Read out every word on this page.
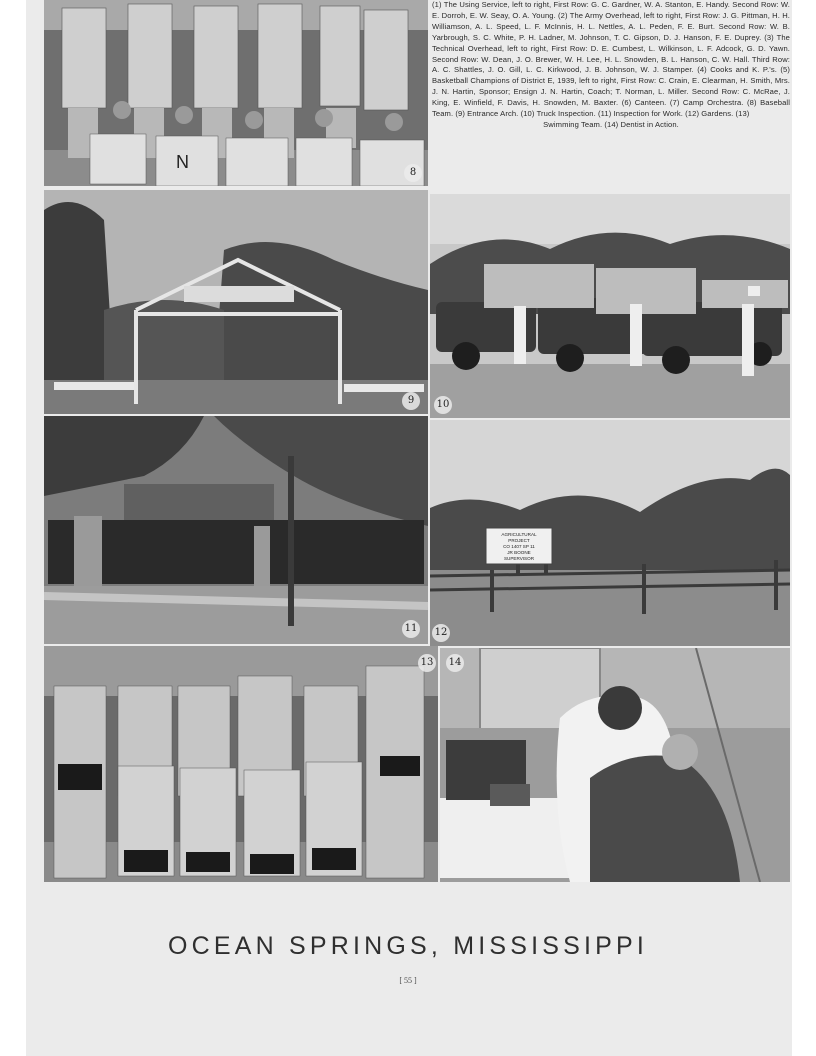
N
8

(1) The Using Service, left to right, First Row: G. C. Gardner, W. A. Stanton, E. Handy. Second Row: W. E. Dorroh, E. W. Seay, O. A. Young. (2) The Army Overhead, left to right, First Row: J. G. Pittman, H. H. Williamson, A. L. Speed, L. F. McInnis, H. L. Nettles, A. L. Peden, F. E. Burt. Second Row: W. B. Yarbrough, S. C. White, P. H. Ladner, M. Johnson, T. C. Gipson, D. J. Hanson, F. E. Duprey. (3) The Technical Overhead, left to right, First Row: D. E. Cumbest, L. Wilkinson, L. F. Adcock, G. D. Yawn. Second Row: W. Dean, J. O. Brewer, W. H. Lee, H. L. Snowden, B. L. Hanson, C. W. Hall. Third Row: A. C. Shattles, J. O. Gill, L. C. Kirkwood, J. B. Johnson, W. J. Stamper. (4) Cooks and K. P.'s. (5) Basketball Champions of District E, 1939, left to right, First Row: C. Crain, E. Clearman, H. Smith, Mrs. J. N. Hartin, Sponsor; Ensign J. N. Hartin, Coach; T. Norman, L. Miller. Second Row: C. McRae, J. King, E. Winfield, F. Davis, H. Snowden, M. Baxter. (6) Canteen. (7) Camp Orchestra. (8) Baseball Team. (9) Entrance Arch. (10) Truck Inspection. (11) Inspection for Work. (12) Gardens. (13)

Swimming Team. (14) Dentist in Action.

9	10
11
AGRICULTURAL
PROJECT
CO 1407 SP 11
JR BOONE
SUPERVISOR
12
13 14
OCEAN SPRINGS, MISSISSIPPI
[ 55 ]
